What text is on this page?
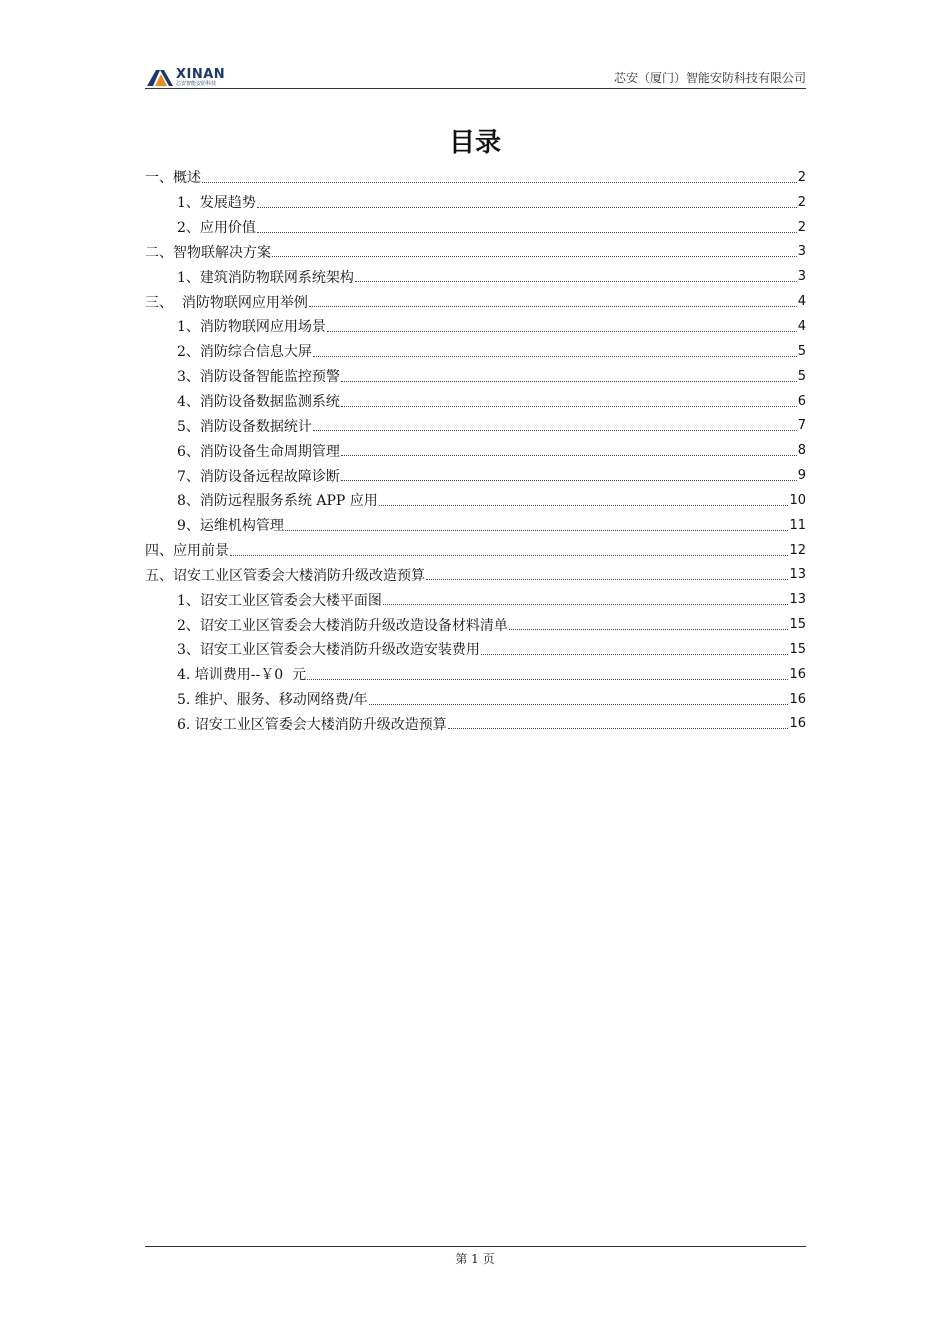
XINAN
芯安智能安防科技	芯安（厦门）智能安防科技有限公司
目录
一、概述	2
1、发展趋势	2
2、应用价值	2
二、智物联解决方案	3
1、建筑消防物联网系统架构	3
三、  消防物联网应用举例	4
1、消防物联网应用场景	4
2、消防综合信息大屏	5
3、消防设备智能监控预警	5
4、消防设备数据监测系统	6
5、消防设备数据统计	7
6、消防设备生命周期管理	8
7、消防设备远程故障诊断	9
8、消防远程服务系统 APP 应用	10
9、运维机构管理	11
四、应用前景	12
五、诏安工业区管委会大楼消防升级改造预算	13
1、诏安工业区管委会大楼平面图	13
2、诏安工业区管委会大楼消防升级改造设备材料清单	15
3、诏安工业区管委会大楼消防升级改造安装费用	15
4. 培训费用--￥0  元	16
5. 维护、服务、移动网络费/年	16
6. 诏安工业区管委会大楼消防升级改造预算	16
第 1 页
